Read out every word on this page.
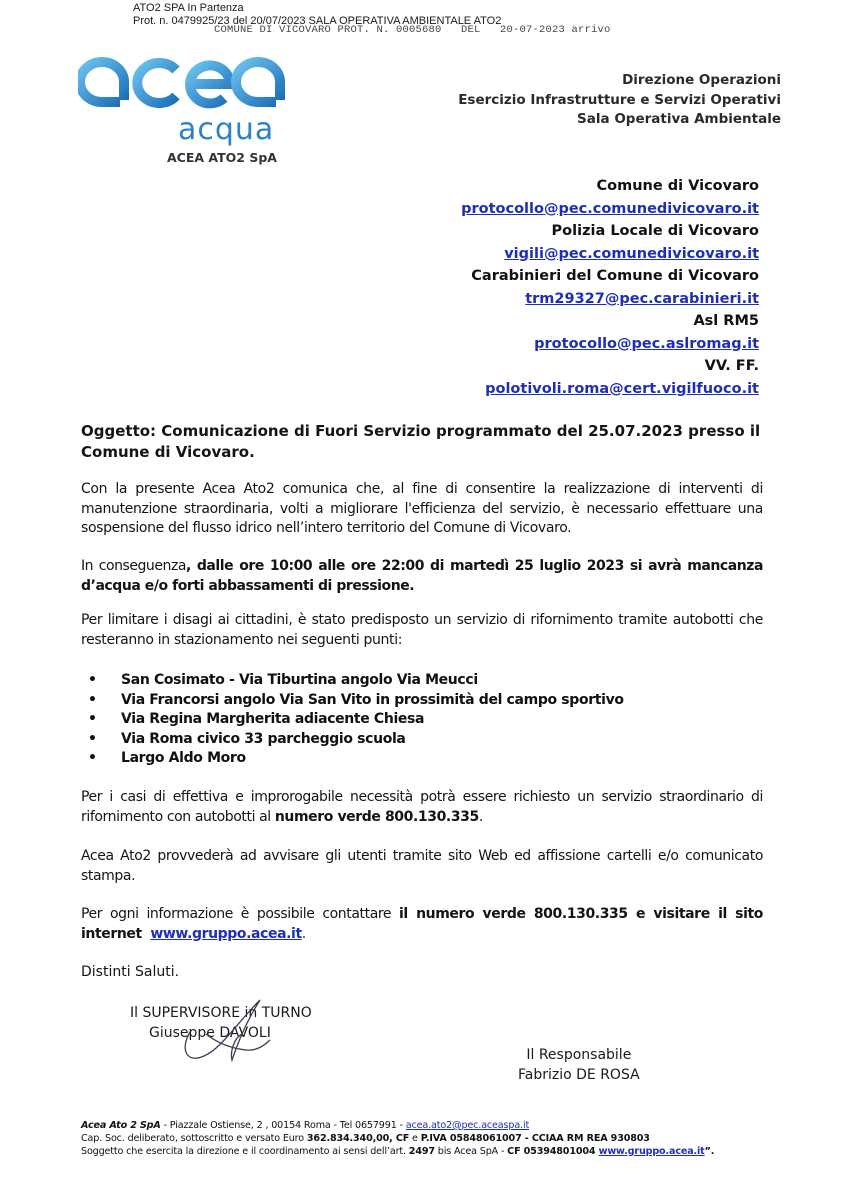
ATO2 SPA In Partenza
Prot. n. 0479925/23 del 20/07/2023 SALA OPERATIVA AMBIENTALE ATO2
COMUNE DI VICOVARO PROT. N. 0005680   DEL   20-07-2023 arrivo
acqua
ACEA ATO2 SpA
Direzione Operazioni
Esercizio Infrastrutture e Servizi Operativi
Sala Operativa Ambientale
Comune di Vicovaro
protocollo@pec.comunedivicovaro.it
Polizia Locale di Vicovaro
vigili@pec.comunedivicovaro.it
Carabinieri del Comune di Vicovaro
trm29327@pec.carabinieri.it
Asl RM5
protocollo@pec.aslromag.it
VV. FF.
polotivoli.roma@cert.vigilfuoco.it
Oggetto: Comunicazione di Fuori Servizio programmato del 25.07.2023 presso il Comune di Vicovaro.
Con la presente Acea Ato2 comunica che, al fine di consentire la realizzazione di interventi di manutenzione straordinaria, volti a migliorare l'efficienza del servizio, è necessario effettuare una sospensione del flusso idrico nell’intero territorio del Comune di Vicovaro.
In conseguenza, dalle ore 10:00 alle ore 22:00 di martedì 25 luglio 2023 si avrà mancanza d’acqua e/o forti abbassamenti di pressione.
Per limitare i disagi ai cittadini, è stato predisposto un servizio di rifornimento tramite autobotti che resteranno in stazionamento nei seguenti punti:
• San Cosimato - Via Tiburtina angolo Via Meucci
• Via Francorsi angolo Via San Vito in prossimità del campo sportivo
• Via Regina Margherita adiacente Chiesa
• Via Roma civico 33 parcheggio scuola
• Largo Aldo Moro
Per i casi di effettiva e improrogabile necessità potrà essere richiesto un servizio straordinario di rifornimento con autobotti al numero verde 800.130.335.
Acea Ato2 provvederà ad avvisare gli utenti tramite sito Web ed affissione cartelli e/o comunicato stampa.
Per ogni informazione è possibile contattare il numero verde 800.130.335 e visitare il sito internet  www.gruppo.acea.it.
Distinti Saluti.
Il SUPERVISORE in TURNO
Giuseppe DAVOLI
Il Responsabile
Fabrizio DE ROSA
Acea Ato 2 SpA - Piazzale Ostiense, 2 , 00154 Roma - Tel 0657991 - acea.ato2@pec.aceaspa.it
Cap. Soc. deliberato, sottoscritto e versato Euro 362.834.340,00, CF e P.IVA 05848061007 - CCIAA RM REA 930803
Soggetto che esercita la direzione e il coordinamento ai sensi dell’art. 2497 bis Acea SpA - CF 05394801004 www.gruppo.acea.it”.
